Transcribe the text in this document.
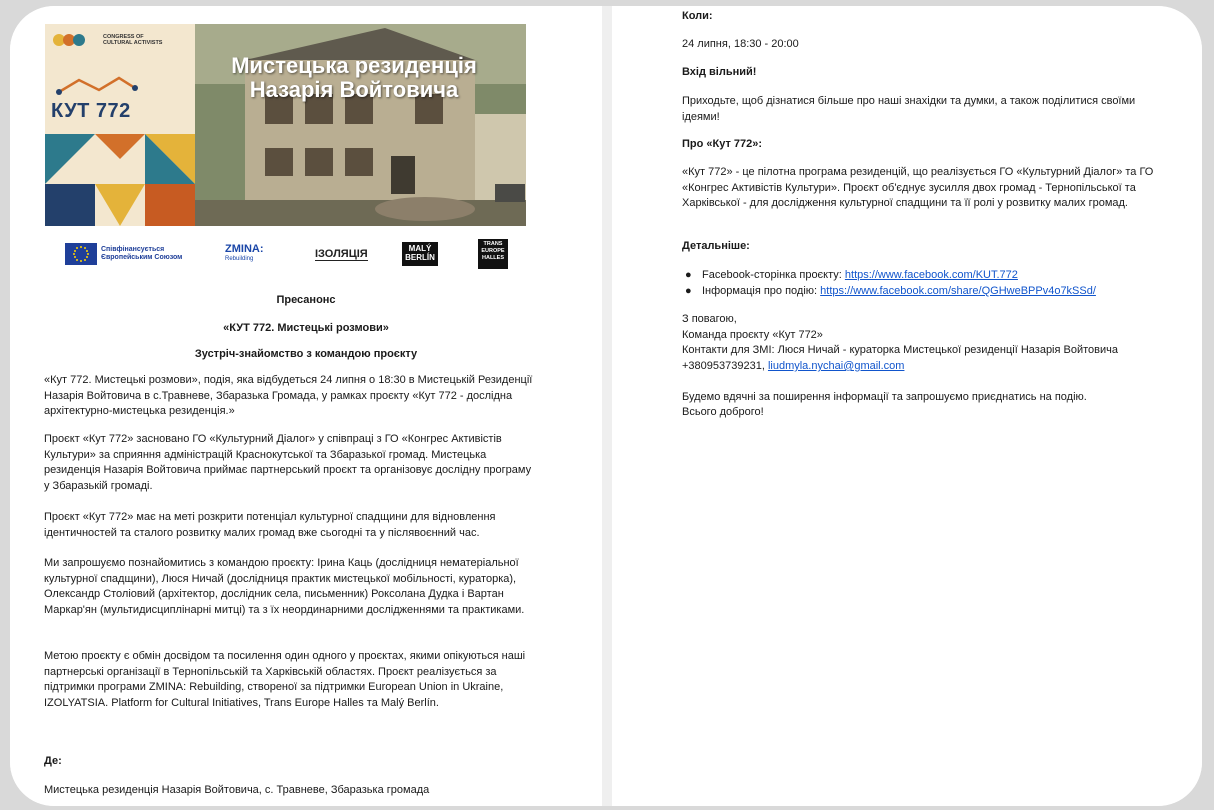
CONGRESS OF CULTURAL ACTIVISTS
КУТ 772
Мистецька резиденція Назарія Войтовича
Співфінансується Європейським Союзом
ZMINA:
Rebuilding	ІЗОЛЯЦІЯ	MALÝ BERLÍN
TRANS EUROPE HALLES
Пресанонс
«КУТ 772. Мистецькі розмови»
Зустріч-знайомство з командою проєкту

«Кут 772. Мистецькі розмови», подія, яка відбудеться 24 липня о 18:30 в Мистецькій Резиденції Назарія Войтовича в с.Травневе, Збаразька Громада, у рамках проєкту «Кут 772 - дослідна архітектурно-мистецька резиденція.»

Проєкт «Кут 772» засновано ГО «Культурний Діалог» у співпраці з ГО «Конгрес Активістів Культури» за сприяння адміністрацій Краснокутської та Збаразької громад. Мистецька резиденція Назарія Войтовича приймає партнерський проєкт та організовує дослідну програму у Збаразькій громаді.

Проєкт «Кут 772» має на меті розкрити потенціал культурної спадщини для відновлення ідентичностей та сталого розвитку малих громад вже сьогодні та у післявоєнний час.

Ми запрошуємо познайомитись з командою проєкту: Ірина Каць (дослідниця нематеріальної культурної спадщини), Люся Ничай (дослідниця практик мистецької мобільності, кураторка), Олександр Століовий (архітектор, дослідник села, письменник) Роксолана Дудка і Вартан Маркар'ян (мультидисциплінарні митці) та з їх неординарними дослідженнями та практиками.

Метою проєкту є обмін досвідом та посилення один одного у проєктах, якими опікуються наші партнерські організації в Тернопільській та Харківській областях. Проєкт реалізується за підтримки програми ZMINA: Rebuilding, створеної за підтримки European Union in Ukraine, IZOLYATSIA. Platform for Cultural Initiatives, Trans Europe Halles та Malý Berlín.

Де:

Мистецька резиденція Назарія Войтовича, с. Травневе, Збаразька громада

Коли:

24 липня, 18:30 - 20:00

Вхід вільний!

Приходьте, щоб дізнатися більше про наші знахідки та думки, а також поділитися своїми ідеями!

Про «Кут 772»:

«Кут 772» - це пілотна програма резиденцій, що реалізується ГО «Культурний Діалог» та ГО «Конгрес Активістів Культури». Проєкт об'єднує зусилля двох громад - Тернопільської та Харківської - для дослідження культурної спадщини та її ролі у розвитку малих громад.

Детальніше:

● Facebook-сторінка проєкту: https://www.facebook.com/KUT.772
● Інформація про подію: https://www.facebook.com/share/QGHweBPPv4o7kSSd/

З повагою,

Команда проєкту «Кут 772»

Контакти для ЗМІ: Люся Ничай - кураторка Мистецької резиденції Назарія Войтовича

+380953739231, liudmyla.nychai@gmail.com

Будемо вдячні за поширення інформації та запрошуємо приєднатись на подію.

Всього доброго!
